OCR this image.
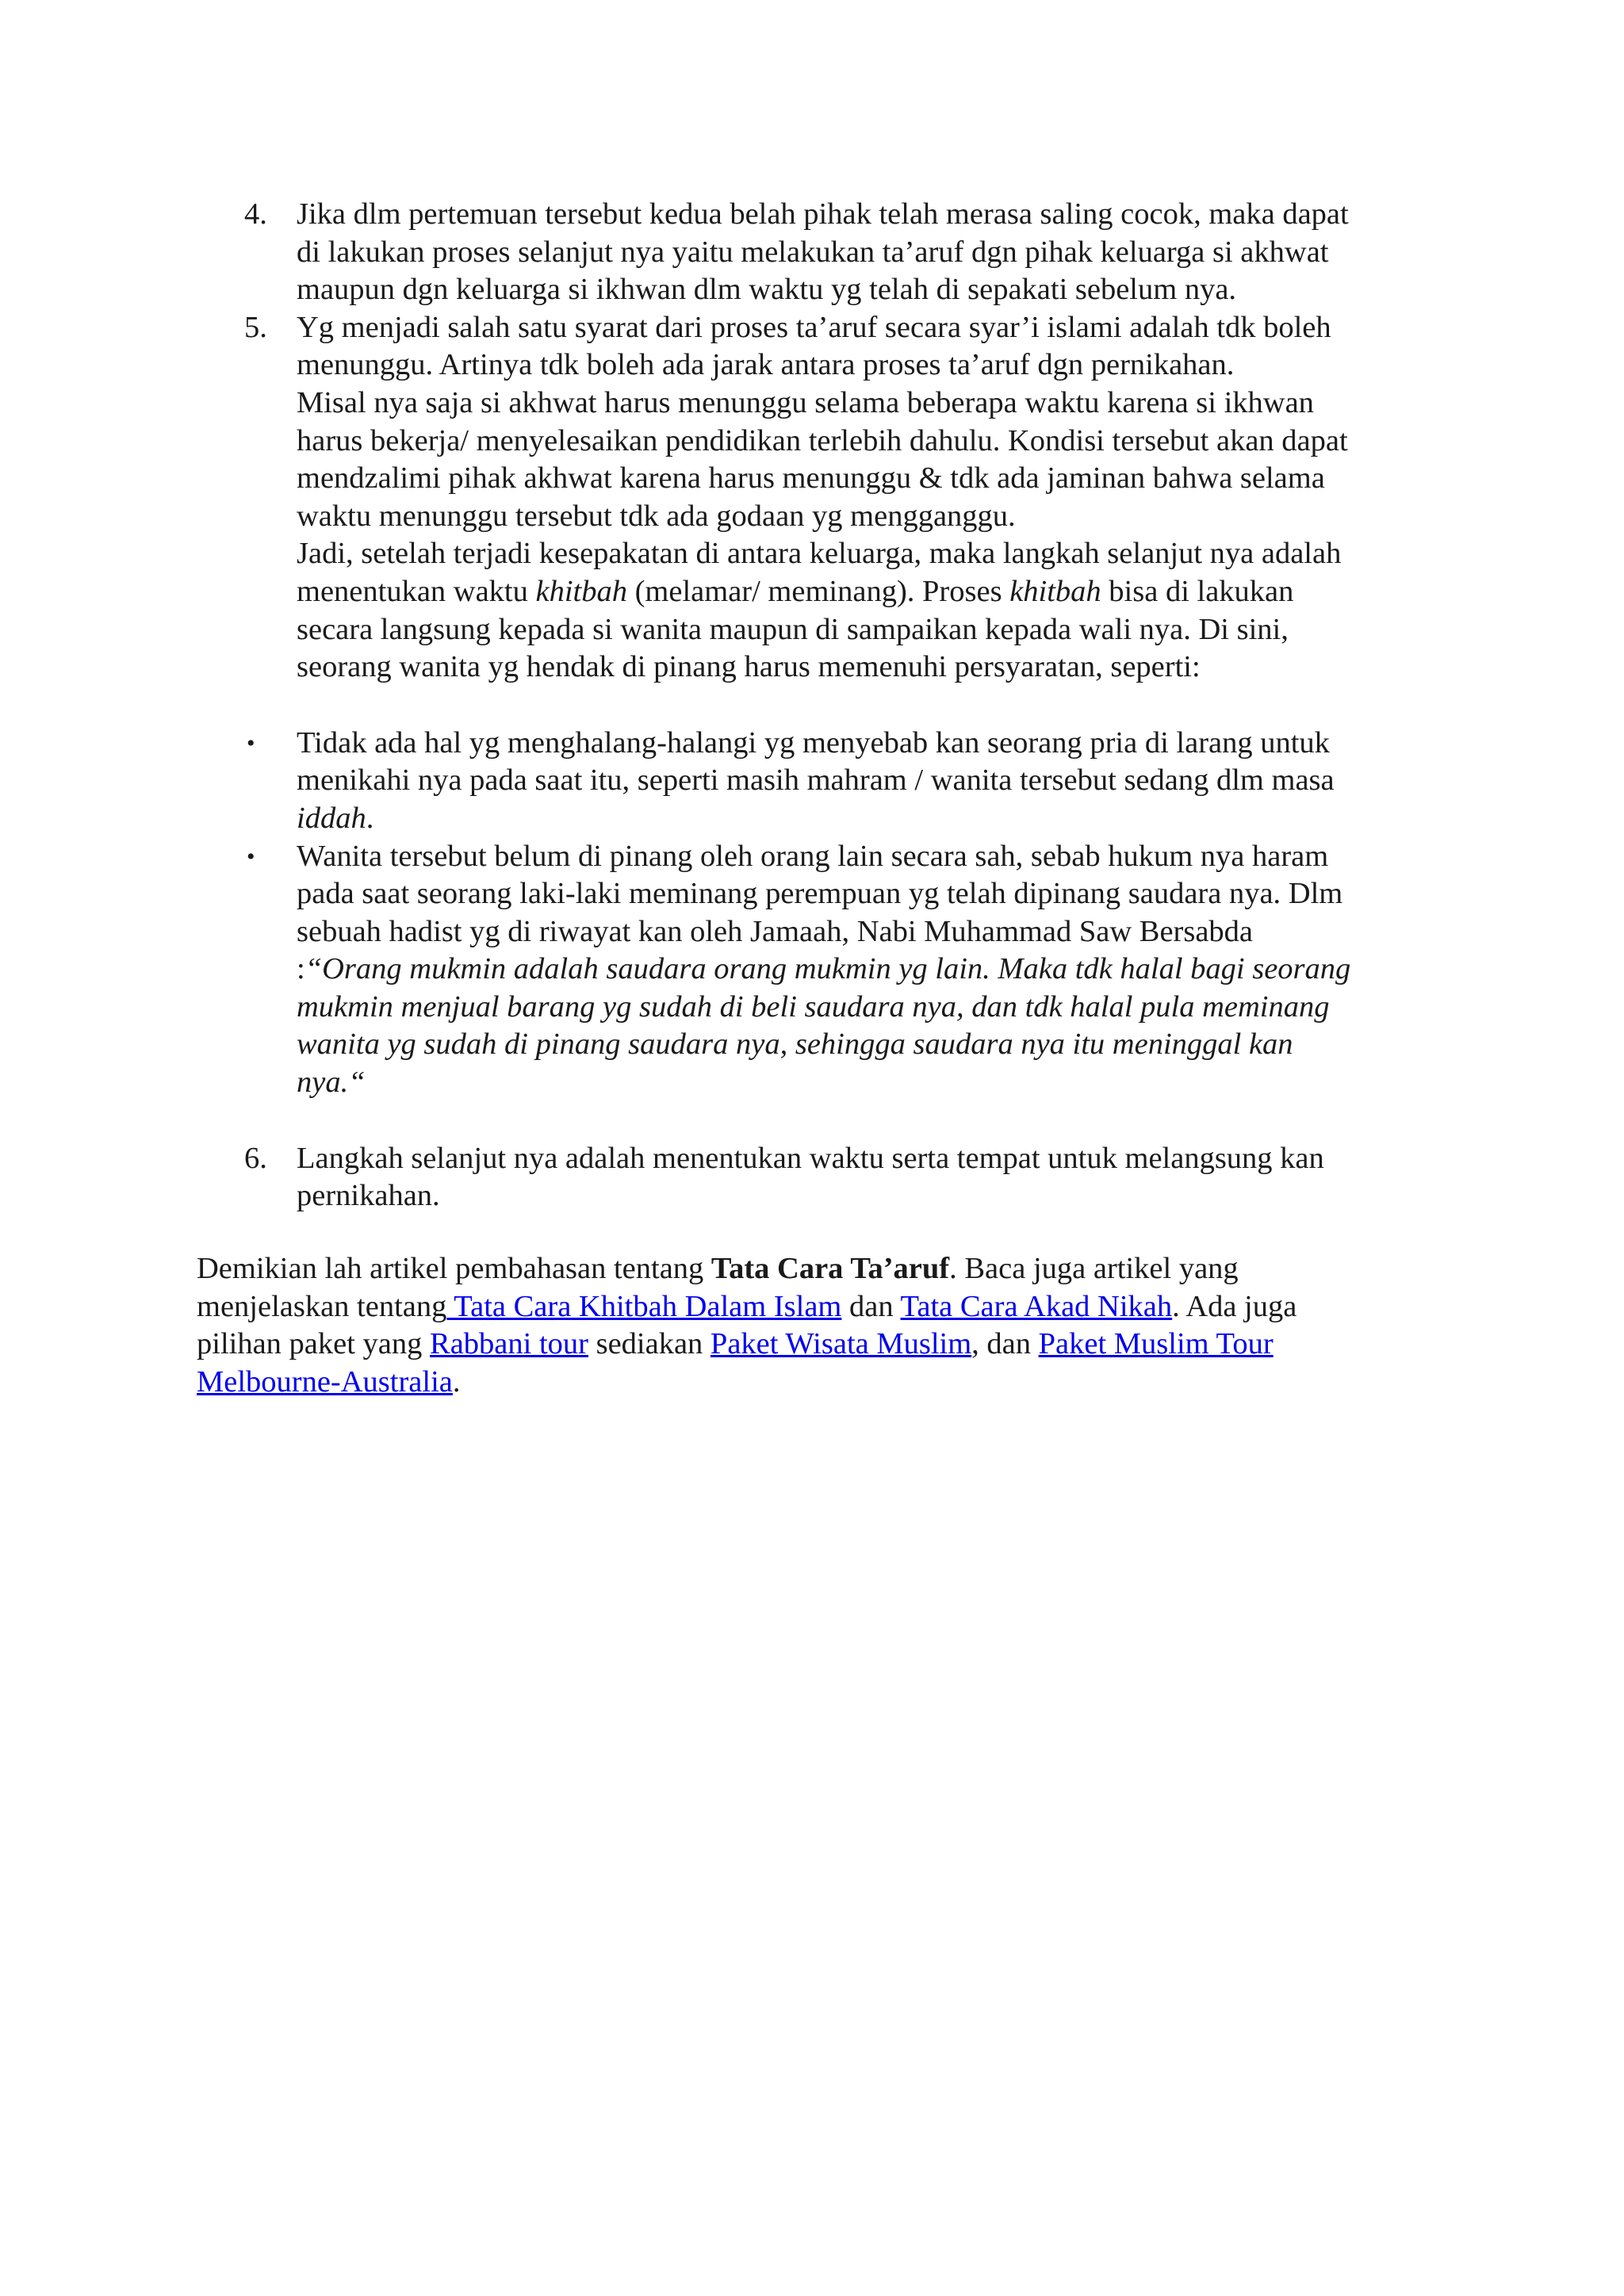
4. Jika dlm pertemuan tersebut kedua belah pihak telah merasa saling cocok, maka dapat
di lakukan proses selanjut nya yaitu melakukan ta’aruf dgn pihak keluarga si akhwat
maupun dgn keluarga si ikhwan dlm waktu yg telah di sepakati sebelum nya.
5. Yg menjadi salah satu syarat dari proses ta’aruf secara syar’i islami adalah tdk boleh
menunggu. Artinya tdk boleh ada jarak antara proses ta’aruf dgn pernikahan.
Misal nya saja si akhwat harus menunggu selama beberapa waktu karena si ikhwan
harus bekerja/ menyelesaikan pendidikan terlebih dahulu. Kondisi tersebut akan dapat
mendzalimi pihak akhwat karena harus menunggu & tdk ada jaminan bahwa selama
waktu menunggu tersebut tdk ada godaan yg mengganggu.
Jadi, setelah terjadi kesepakatan di antara keluarga, maka langkah selanjut nya adalah
menentukan waktu khitbah (melamar/ meminang). Proses khitbah bisa di lakukan
secara langsung kepada si wanita maupun di sampaikan kepada wali nya. Di sini,
seorang wanita yg hendak di pinang harus memenuhi persyaratan, seperti:
• Tidak ada hal yg menghalang-halangi yg menyebab kan seorang pria di larang untuk
menikahi nya pada saat itu, seperti masih mahram / wanita tersebut sedang dlm masa
iddah.
• Wanita tersebut belum di pinang oleh orang lain secara sah, sebab hukum nya haram
pada saat seorang laki-laki meminang perempuan yg telah dipinang saudara nya. Dlm
sebuah hadist yg di riwayat kan oleh Jamaah, Nabi Muhammad Saw Bersabda
:“Orang mukmin adalah saudara orang mukmin yg lain. Maka tdk halal bagi seorang
mukmin menjual barang yg sudah di beli saudara nya, dan tdk halal pula meminang
wanita yg sudah di pinang saudara nya, sehingga saudara nya itu meninggal kan
nya.“
6. Langkah selanjut nya adalah menentukan waktu serta tempat untuk melangsung kan
pernikahan.
Demikian lah artikel pembahasan tentang Tata Cara Ta’aruf. Baca juga artikel yang
menjelaskan tentang Tata Cara Khitbah Dalam Islam dan Tata Cara Akad Nikah. Ada juga
pilihan paket yang Rabbani tour sediakan Paket Wisata Muslim, dan Paket Muslim Tour
Melbourne-Australia.
